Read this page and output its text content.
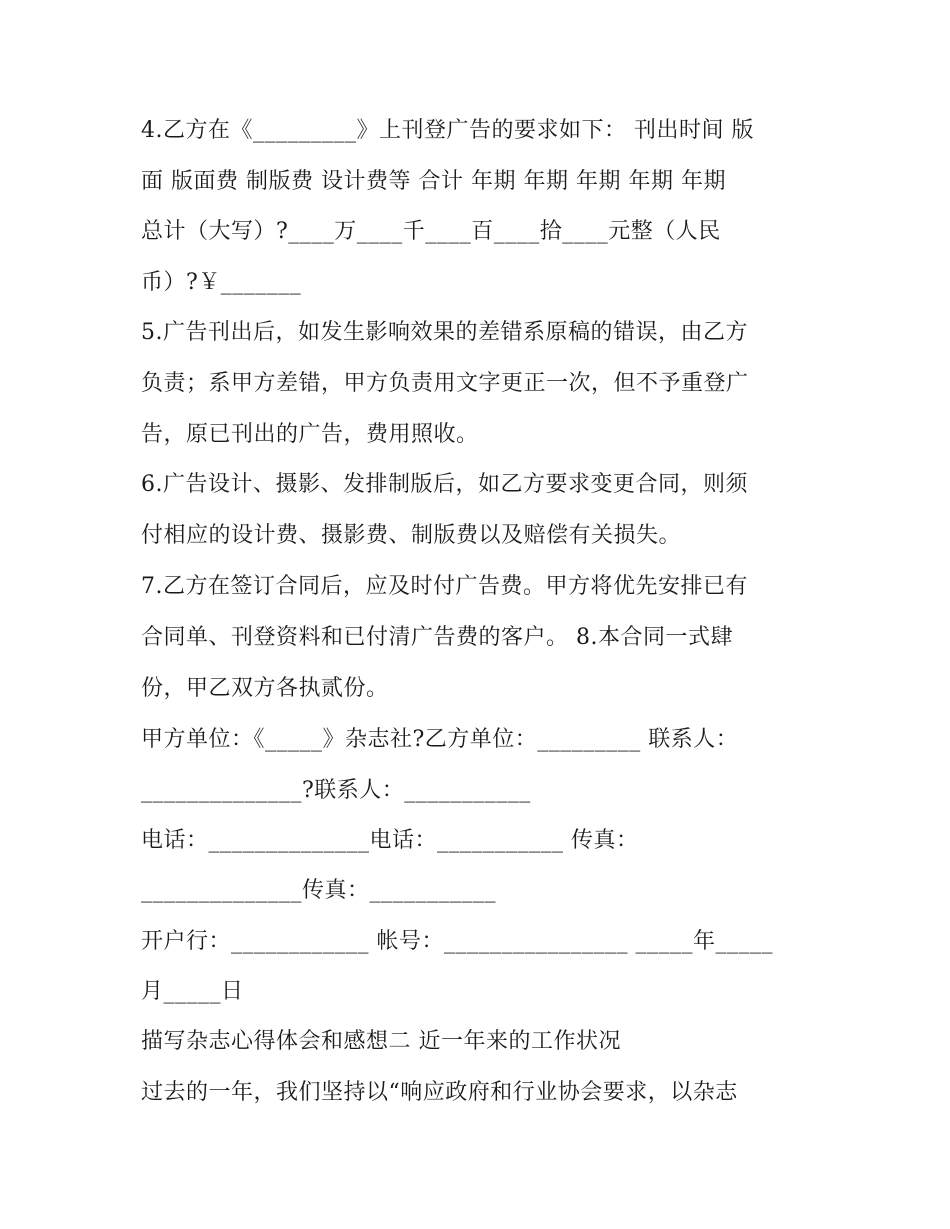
4.乙方在《_________》上刊登广告的要求如下： 刊出时间 版
面 版面费 制版费 设计费等 合计 年期 年期 年期 年期 年期
总计（大写）?____万____千____百____拾____元整（人民
币）?￥_______
5.广告刊出后，如发生影响效果的差错系原稿的错误，由乙方
负责；系甲方差错，甲方负责用文字更正一次，但不予重登广
告，原已刊出的广告，费用照收。
6.广告设计、摄影、发排制版后，如乙方要求变更合同，则须
付相应的设计费、摄影费、制版费以及赔偿有关损失。
7.乙方在签订合同后，应及时付广告费。甲方将优先安排已有
合同单、刊登资料和已付清广告费的客户。 8.本合同一式肆
份，甲乙双方各执贰份。
甲方单位：《_____》杂志社?乙方单位：_________ 联系人：
______________?联系人：___________
电话：______________电话：___________ 传真：
______________传真：___________
开户行：____________ 帐号：________________ _____年_____
月_____日
描写杂志心得体会和感想二 近一年来的工作状况
过去的一年，我们坚持以“响应政府和行业协会要求，以杂志
